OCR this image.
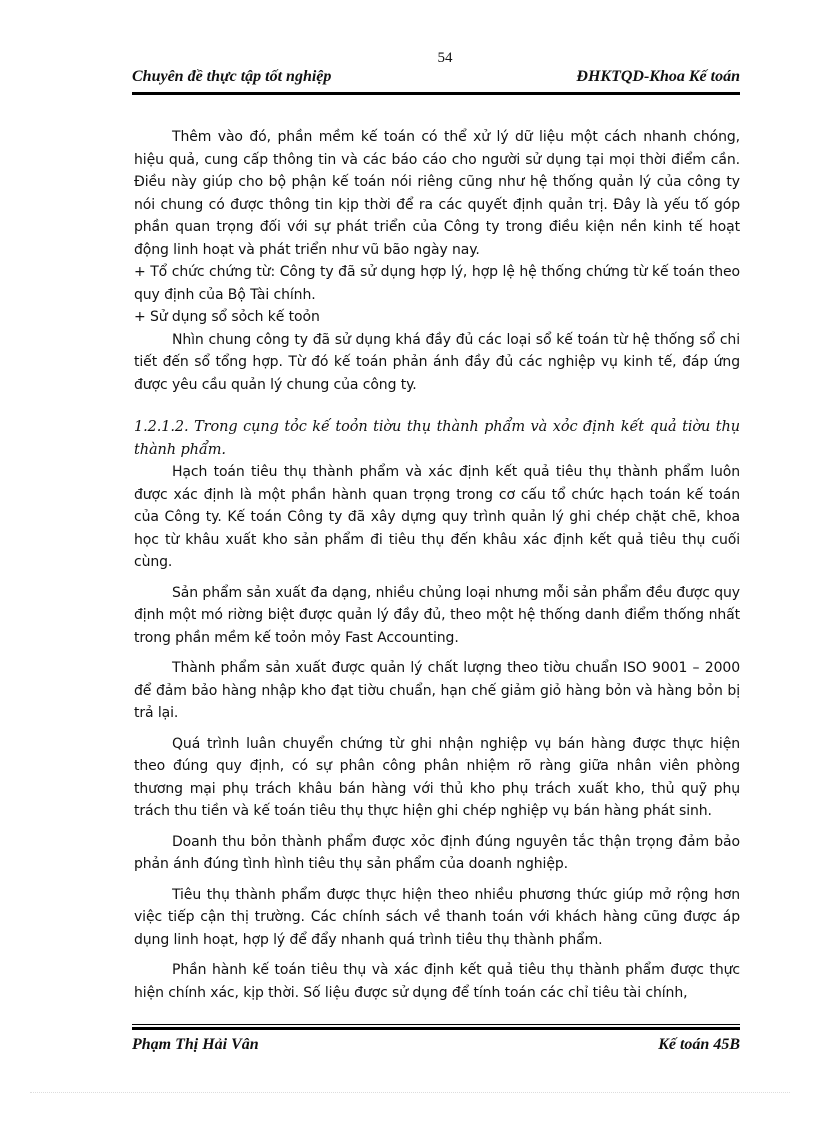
54
Chuyên đề thực tập tốt nghiệp	ĐHKTQD-Khoa Kế toán

Thêm vào đó, phần mềm kế toán có thể xử lý dữ liệu một cách nhanh chóng, hiệu quả, cung cấp thông tin và các báo cáo cho người sử dụng tại mọi thời điểm cần. Điều này giúp cho bộ phận kế toán nói riêng cũng như hệ thống quản lý của công ty nói chung có được thông tin kịp thời để ra các quyết định quản trị. Đây là yếu tố góp phần quan trọng đối với sự phát triển của Công ty trong điều kiện nền kinh tế hoạt động linh hoạt và phát triển như vũ bão ngày nay.

+ Tổ chức chứng từ: Công ty đã sử dụng hợp lý, hợp lệ hệ thống chứng từ kế toán theo quy định của Bộ Tài chính.

+ Sử dụng sổ sỏch kế toỏn

Nhìn chung công ty đã sử dụng khá đầy đủ các loại sổ kế toán từ hệ thống sổ chi tiết đến sổ tổng hợp. Từ đó kế toán phản ánh đầy đủ các nghiệp vụ kinh tế, đáp ứng được yêu cầu quản lý chung của công ty.

1.2.1.2. Trong cụng tỏc kế toỏn tiờu thụ thành phẩm và xỏc định kết quả tiờu thụ thành phẩm.

Hạch toán tiêu thụ thành phẩm và xác định kết quả tiêu thụ thành phẩm luôn được xác định là một phần hành quan trọng trong cơ cấu tổ chức hạch toán kế toán của Công ty. Kế toán Công ty đã xây dựng quy trình quản lý ghi chép chặt chẽ, khoa học từ khâu xuất kho sản phẩm đi tiêu thụ đến khâu xác định kết quả tiêu thụ cuối cùng.

Sản phẩm sản xuất đa dạng, nhiều chủng loại nhưng mỗi sản phẩm đều được quy định một mó riờng biệt được quản lý đầy đủ, theo một hệ thống danh điểm thống nhất trong phần mềm kế toỏn mỏy Fast Accounting.

Thành phẩm sản xuất được quản lý chất lượng theo tiờu chuẩn ISO 9001 – 2000 để đảm bảo hàng nhập kho đạt tiờu chuẩn, hạn chế giảm giỏ hàng bỏn và hàng bỏn bị trả lại.

Quá trình luân chuyển chứng từ ghi nhận nghiệp vụ bán hàng được thực hiện theo đúng quy định, có sự phân công phân nhiệm rõ ràng giữa nhân viên phòng thương mại phụ trách khâu bán hàng với thủ kho phụ trách xuất kho, thủ quỹ phụ trách thu tiền và kế toán tiêu thụ thực hiện ghi chép nghiệp vụ bán hàng phát sinh.

Doanh thu bỏn thành phẩm được xỏc định đúng nguyên tắc thận trọng đảm bảo phản ánh đúng tình hình tiêu thụ sản phẩm của doanh nghiệp.

Tiêu thụ thành phẩm được thực hiện theo nhiều phương thức giúp mở rộng hơn việc tiếp cận thị trường. Các chính sách về thanh toán với khách hàng cũng được áp dụng linh hoạt, hợp lý để đẩy nhanh quá trình tiêu thụ thành phẩm.

Phần hành kế toán tiêu thụ và xác định kết quả tiêu thụ thành phẩm được thực hiện chính xác, kịp thời. Số liệu được sử dụng để tính toán các chỉ tiêu tài chính,

Phạm Thị Hải Vân	Kế toán 45B
